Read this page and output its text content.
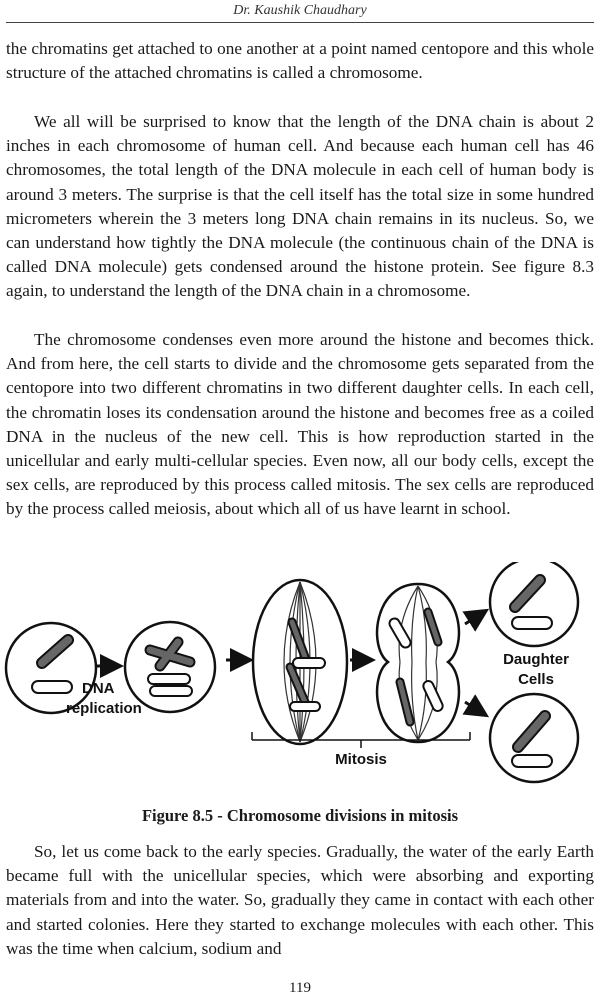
Dr. Kaushik Chaudhary

the chromatins get attached to one another at a point named centopore and this whole structure of the attached chromatins is called a chromosome.

We all will be surprised to know that the length of the DNA chain is about 2 inches in each chromosome of human cell. And because each human cell has 46 chromosomes, the total length of the DNA molecule in each cell of human body is around 3 meters. The surprise is that the cell itself has the total size in some hundred micrometers wherein the 3 meters long DNA chain remains in its nucleus. So, we can understand how tightly the DNA molecule (the continuous chain of the DNA is called DNA molecule) gets condensed around the histone protein. See figure 8.3 again, to understand the length of the DNA chain in a chromosome.

The chromosome condenses even more around the histone and becomes thick. And from here, the cell starts to divide and the chromosome gets separated from the centopore into two different chromatins in two different daughter cells. In each cell, the chromatin loses its condensation around the histone and becomes free as a coiled DNA in the nucleus of the new cell. This is how reproduction started in the unicellular and early multi-cellular species. Even now, all our body cells, except the sex cells, are reproduced by this process called mitosis. The sex cells are reproduced by the process called meiosis, about which all of us have learnt in school.

DNA
replication
Daughter
Cells
Mitosis
Figure 8.5 - Chromosome divisions in mitosis

So, let us come back to the early species. Gradually, the water of the early Earth became full with the unicellular species, which were absorbing and exporting materials from and into the water. So, gradually they came in contact with each other and started colonies. Here they started to exchange molecules with each other. This was the time when calcium, sodium and

119
